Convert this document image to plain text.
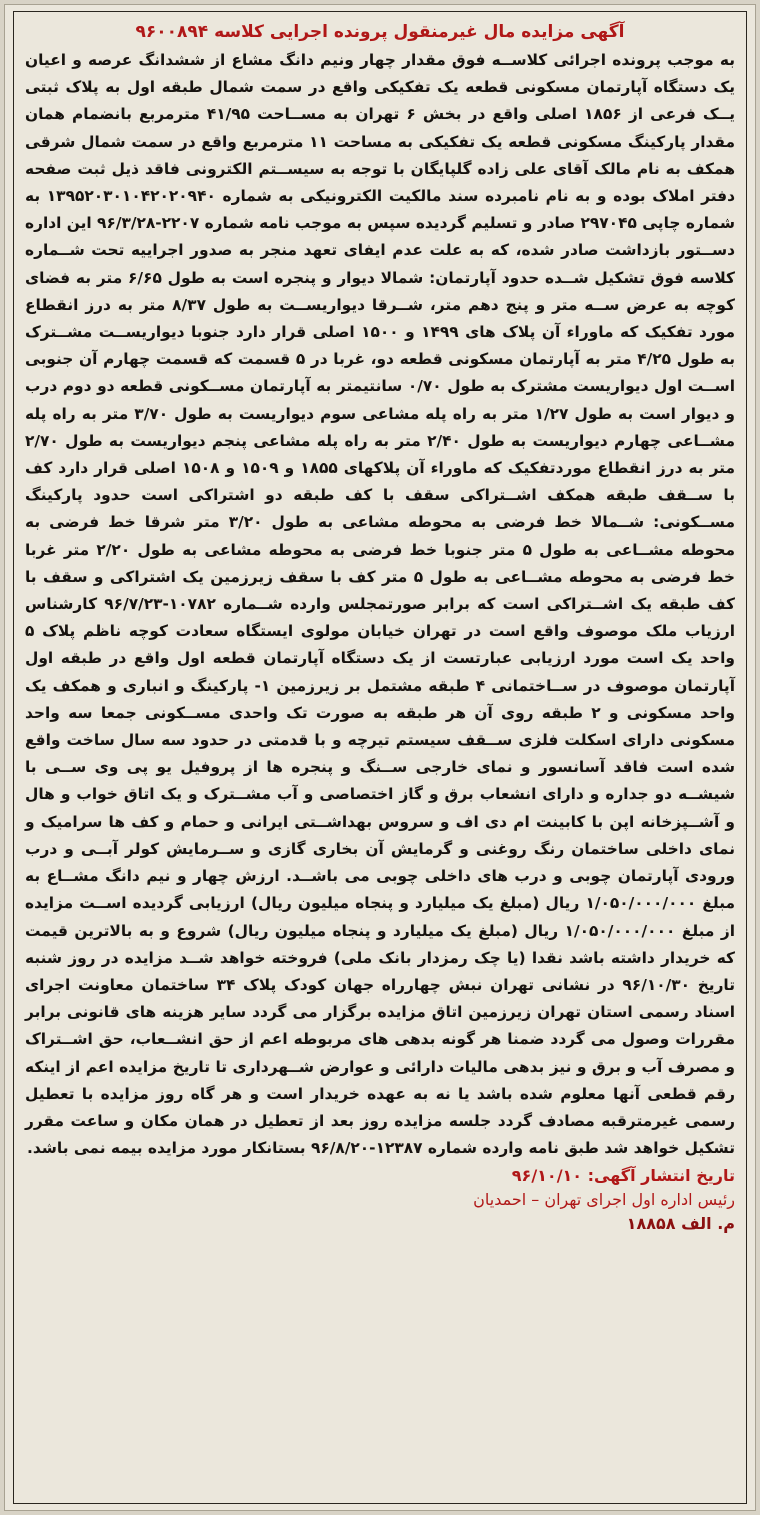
آگهی مزایده مال غیرمنقول پرونده اجرایی کلاسه ۹۶۰۰۸۹۴

به موجب پرونده اجرائی کلاســه فوق مقدار چهار ونیم دانگ مشاع از ششدانگ عرصه و اعیان یک دستگاه آپارتمان مسکونی قطعه یک تفکیکی واقع در سمت شمال طبقه اول به پلاک ثبتی یــک فرعی از ۱۸۵۶ اصلی واقع در بخش ۶ تهران به مســاحت ۴۱/۹۵ مترمربع بانضمام همان مقدار پارکینگ مسکونی قطعه یک تفکیکی به مساحت ۱۱ مترمربع واقع در سمت شمال شرقی همکف به نام مالک آقای علی زاده گلپایگان با توجه به سیســتم الکترونی فاقد ذیل ثبت صفحه دفتر املاک بوده و به نام نامبرده سند مالکیت الکترونیکی به شماره ۱۳۹۵۲۰۳۰۱۰۴۲۰۲۰۹۴۰ به شماره چاپی ۲۹۷۰۴۵ صادر و تسلیم گردیده سپس به موجب نامه شماره ۲۲۰۷-۹۶/۳/۲۸ این اداره دســتور بازداشت صادر شده، که به علت عدم ایفای تعهد منجر به صدور اجراییه تحت شــماره کلاسه فوق تشکیل شــده حدود آپارتمان: شمالا دیوار و پنجره است به طول ۶/۶۵ متر به فضای کوچه به عرض ســه متر و پنج دهم متر، شــرقا دیواریســت به طول ۸/۳۷ متر به درز انقطاع مورد تفکیک که ماوراء آن پلاک های ۱۴۹۹ و ۱۵۰۰ اصلی قرار دارد جنوبا دیواریســت مشــترک به طول ۴/۲۵ متر به آپارتمان مسکونی قطعه دو، غربا در ۵ قسمت که قسمت چهارم آن جنوبی اســت اول دیواریست مشترک به طول ۰/۷۰ سانتیمتر به آپارتمان مســکونی قطعه دو دوم درب و دیوار است به طول ۱/۲۷ متر به راه پله مشاعی سوم دیواریست به طول ۳/۷۰ متر به راه پله مشــاعی چهارم دیواریست به طول ۲/۴۰ متر به راه پله مشاعی پنجم دیواریست به طول ۲/۷۰ متر به درز انقطاع موردتفکیک که ماوراء آن پلاکهای ۱۸۵۵ و ۱۵۰۹ و ۱۵۰۸ اصلی قرار دارد کف با ســقف طبقه همکف اشــتراکی سقف با کف طبقه دو اشتراکی است حدود پارکینگ مســکونی: شــمالا خط فرضی به محوطه مشاعی به طول ۳/۲۰ متر شرقا خط فرضی به محوطه مشــاعی به طول ۵ متر جنوبا خط فرضی به محوطه مشاعی به طول ۲/۲۰ متر غربا خط فرضی به محوطه مشــاعی به طول ۵ متر کف با سقف زیرزمین یک اشتراکی و سقف با کف طبقه یک اشــتراکی است که برابر صورتمجلس وارده شــماره ۱۰۷۸۲-۹۶/۷/۲۳ کارشناس ارزیاب ملک موصوف واقع است در تهران خیابان مولوی ایستگاه سعادت کوچه ناظم پلاک ۵ واحد یک است مورد ارزیابی عبارتست از یک دستگاه آپارتمان قطعه اول واقع در طبقه اول آپارتمان موصوف در ســاختمانی ۴ طبقه مشتمل بر زیرزمین ۱- پارکینگ و انباری و همکف یک واحد مسکونی و ۲ طبقه روی آن هر طبقه به صورت تک واحدی مســکونی جمعا سه واحد مسکونی دارای اسکلت فلزی ســقف سیستم تیرچه و با قدمتی در حدود سه سال ساخت واقع شده است فاقد آسانسور و نمای خارجی ســنگ و پنجره ها از پروفیل یو پی وی ســی با شیشــه دو جداره و دارای انشعاب برق و گاز اختصاصی و آب مشــترک و یک اتاق خواب و هال و آشــپزخانه اپن با کابینت ام دی اف و سروس بهداشــتی ایرانی و حمام و کف ها سرامیک و نمای داخلی ساختمان رنگ روغنی و گرمایش آن بخاری گازی و ســرمایش کولر آبــی و درب ورودی آپارتمان چوبی و درب های داخلی چوبی می باشــد. ارزش چهار و نیم دانگ مشــاع به مبلغ ۱/۰۵۰/۰۰۰/۰۰۰ ریال (مبلغ یک میلیارد و پنجاه میلیون ریال) ارزیابی گردیده اســت مزایده از مبلغ ۱/۰۵۰/۰۰۰/۰۰۰ ریال (مبلغ یک میلیارد و پنجاه میلیون ریال) شروع و به بالاترین قیمت که خریدار داشته باشد نقدا (یا چک رمزدار بانک ملی) فروخته خواهد شــد مزایده در روز شنبه تاریخ ۹۶/۱۰/۳۰ در نشانی تهران نبش چهارراه جهان کودک پلاک ۳۴ ساختمان معاونت اجرای اسناد رسمی استان تهران زیرزمین اتاق مزایده برگزار می گردد سایر هزینه های قانونی برابر مقررات وصول می گردد ضمنا هر گونه بدهی های مربوطه اعم از حق انشــعاب، حق اشــتراک و مصرف آب و برق و نیز بدهی مالیات دارائی و عوارض شــهرداری تا تاریخ مزایده اعم از اینکه رقم قطعی آنها معلوم شده باشد یا نه به عهده خریدار است و هر گاه روز مزایده با تعطیل رسمی غیرمترقبه مصادف گردد جلسه مزایده روز بعد از تعطیل در همان مکان و ساعت مقرر تشکیل خواهد شد طبق نامه وارده شماره ۱۲۳۸۷-۹۶/۸/۲۰ بستانکار مورد مزایده بیمه نمی باشد.

تاریخ انتشار آگهی: ۹۶/۱۰/۱۰

رئیس اداره اول اجرای تهران – احمدیان

م. الف ۱۸۸۵۸
